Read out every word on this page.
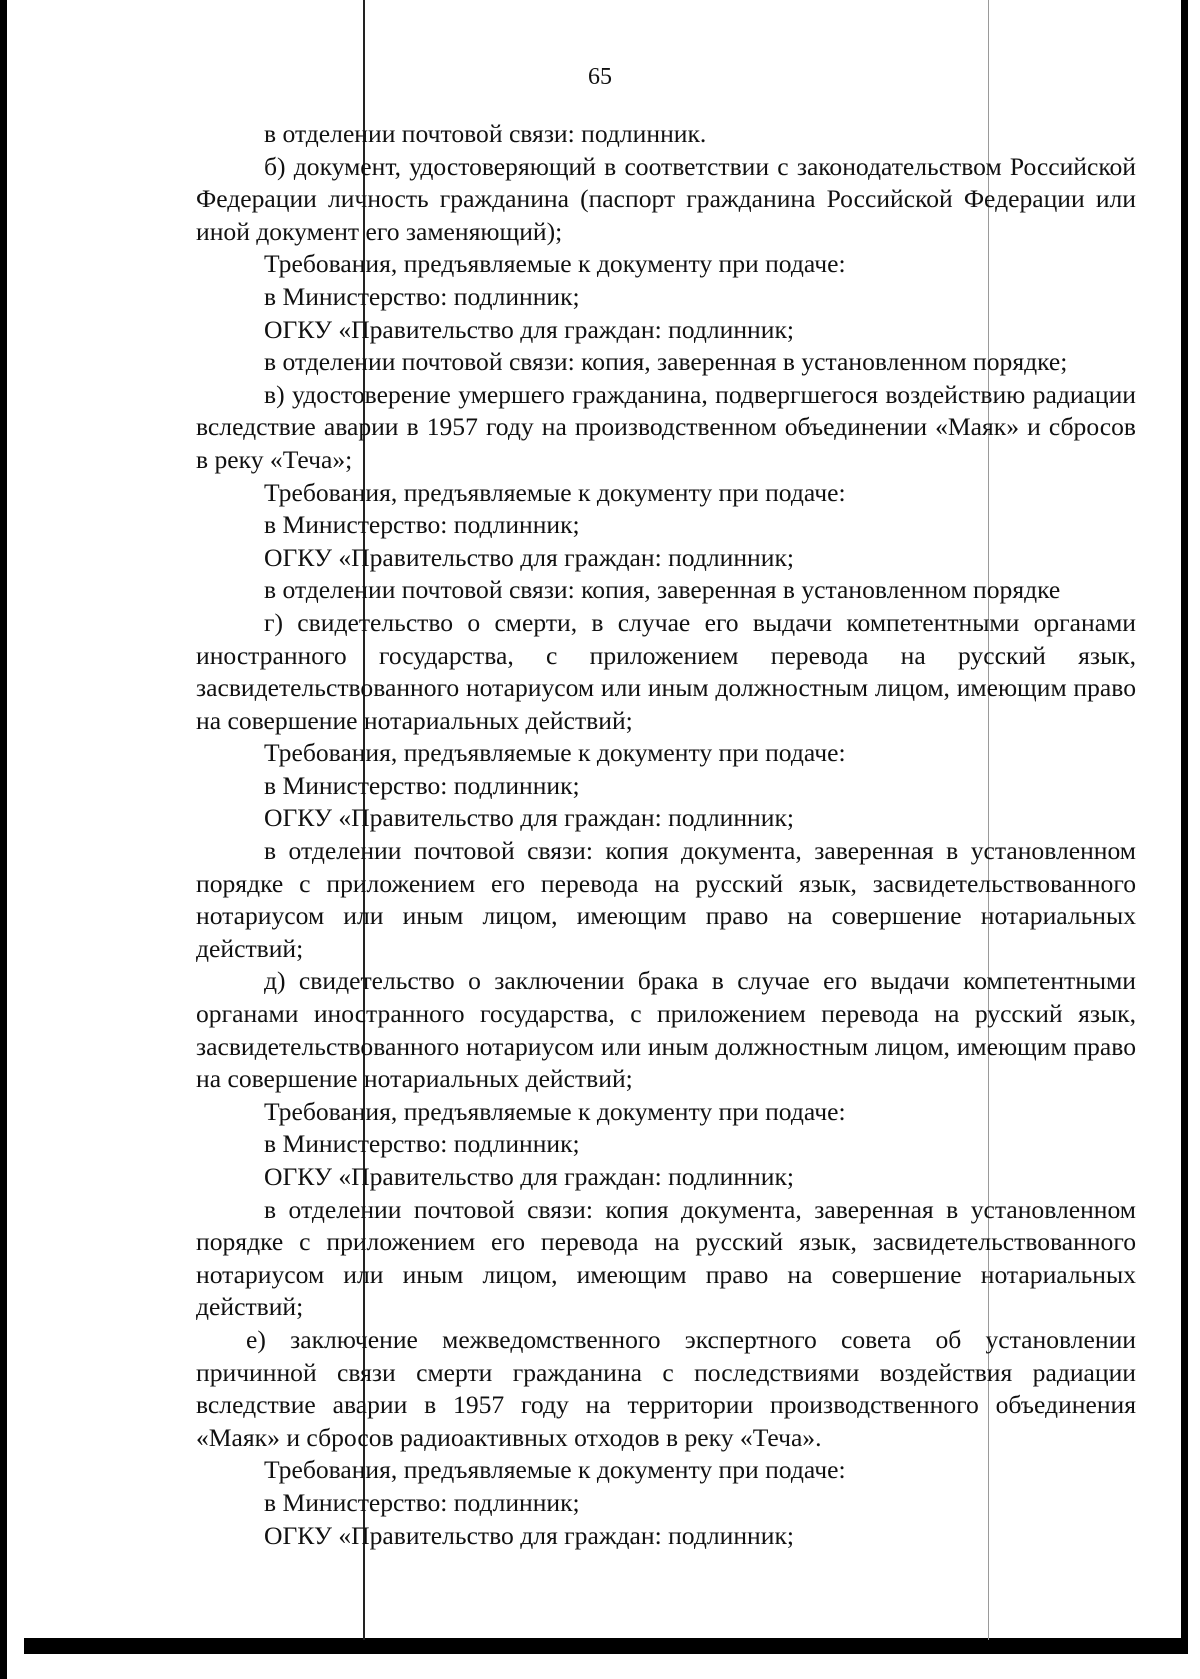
65

в отделении почтовой связи: подлинник.

б) документ, удостоверяющий в соответствии с законодательством Российской Федерации личность гражданина (паспорт гражданина Российской Федерации или иной документ его заменяющий);

Требования, предъявляемые к документу при подаче:

в Министерство: подлинник;

ОГКУ «Правительство для граждан: подлинник;

в отделении почтовой связи: копия, заверенная в установленном порядке;

в) удостоверение умершего гражданина, подвергшегося воздействию радиации вследствие аварии в 1957 году на производственном объединении «Маяк» и сбросов в реку «Теча»;

Требования, предъявляемые к документу при подаче:

в Министерство: подлинник;

ОГКУ «Правительство для граждан: подлинник;

в отделении почтовой связи: копия, заверенная в установленном порядке

г) свидетельство о смерти, в случае его выдачи компетентными органами иностранного государства, с приложением перевода на русский язык, засвидетельствованного нотариусом или иным должностным лицом, имеющим право на совершение нотариальных действий;

Требования, предъявляемые к документу при подаче:

в Министерство: подлинник;

ОГКУ «Правительство для граждан: подлинник;

в отделении почтовой связи: копия документа, заверенная в установленном порядке с приложением его перевода на русский язык, засвидетельствованного нотариусом или иным лицом, имеющим право на совершение нотариальных действий;

д) свидетельство о заключении брака в случае его выдачи компетентными органами иностранного государства, с приложением перевода на русский язык, засвидетельствованного нотариусом или иным должностным лицом, имеющим право на совершение нотариальных действий;

Требования, предъявляемые к документу при подаче:

в Министерство: подлинник;

ОГКУ «Правительство для граждан: подлинник;

в отделении почтовой связи: копия документа, заверенная в установленном порядке с приложением его перевода на русский язык, засвидетельствованного нотариусом или иным лицом, имеющим право на совершение нотариальных действий;

е) заключение межведомственного экспертного совета об установлении причинной связи смерти гражданина с последствиями воздействия радиации вследствие аварии в 1957 году на территории производственного объединения «Маяк» и сбросов радиоактивных отходов в реку «Теча».

Требования, предъявляемые к документу при подаче:

в Министерство: подлинник;

ОГКУ «Правительство для граждан: подлинник;
